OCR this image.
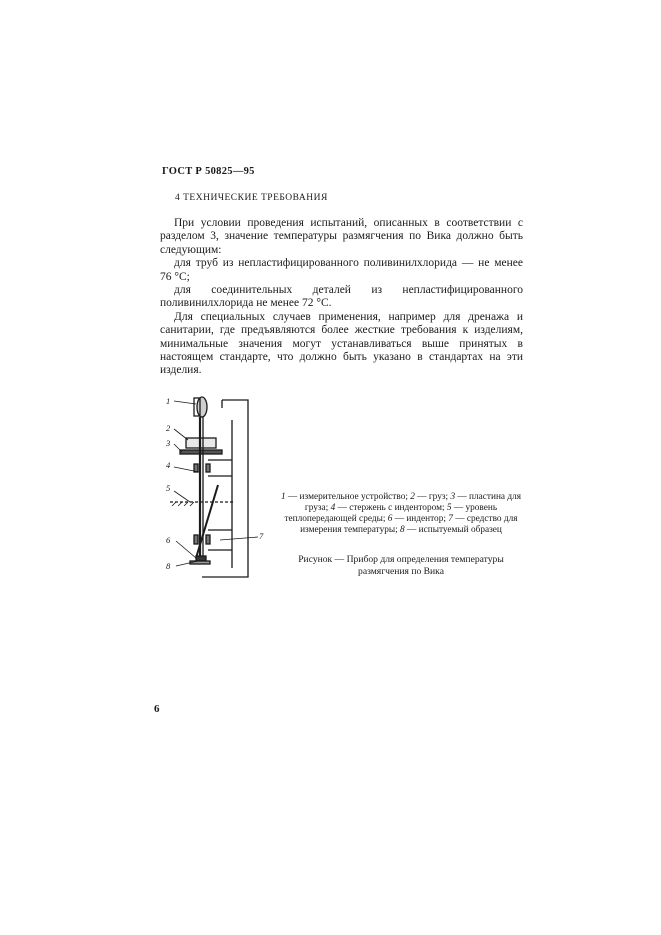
ГОСТ Р 50825—95
4 ТЕХНИЧЕСКИЕ ТРЕБОВАНИЯ

При условии проведения испытаний, описанных в соответствии с разделом 3, значение температуры размягчения по Вика должно быть следующим:

для труб из непластифицированного поливинилхлорида — не менее 76 °С;

для соединительных деталей из непластифицированного поливинилхлорида не менее 72 °С.

Для специальных случаев применения, например для дренажа и санитарии, где предъявляются более жесткие требования к изделиям, минимальные значения могут устанавливаться выше принятых в настоящем стандарте, что должно быть указано в стандартах на эти изделия.

1
2
3
4
5
6	7
8
1 — измерительное устройство; 2 — груз; 3 — пластина для груза; 4 — стержень с индентором; 5 — уровень теплопередающей среды; 6 — индентор; 7 — средство для измерения температуры; 8 — испытуемый образец
Рисунок — Прибор для определения температуры размягчения по Вика
6
